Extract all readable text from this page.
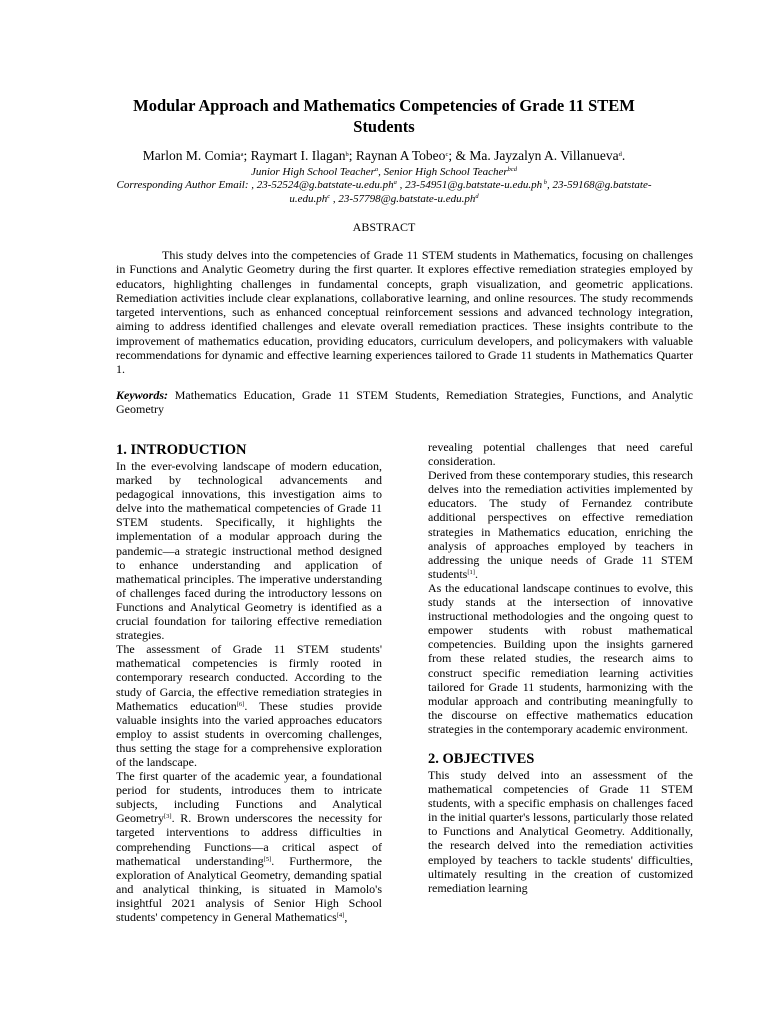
Modular Approach and Mathematics Competencies of Grade 11 STEM Students
Marlon M. Comia$^a$; Raymart I. Ilagan$^b$; Raynan A Tobeo$^c$; & Ma. Jayzalyn A. Villanueva$^d$.
Junior High School Teacher$^a$, Senior High School Teacher$^{bcd}$
Corresponding Author Email: , $23-52524@g.batstate-u.edu.ph^a$ , 23-54951@g.batstate-u.edu.ph $^b$, $23-59168@g.batstate-u.edu.ph^c$ , $23-57798@g.batstate-u.edu.ph^d$
ABSTRACT

This study delves into the competencies of Grade 11 STEM students in Mathematics, focusing on challenges in Functions and Analytic Geometry during the first quarter. It explores effective remediation strategies employed by educators, highlighting challenges in fundamental concepts, graph visualization, and geometric applications. Remediation activities include clear explanations, collaborative learning, and online resources. The study recommends targeted interventions, such as enhanced conceptual reinforcement sessions and advanced technology integration, aiming to address identified challenges and elevate overall remediation practices. These insights contribute to the improvement of mathematics education, providing educators, curriculum developers, and policymakers with valuable recommendations for dynamic and effective learning experiences tailored to Grade 11 students in Mathematics Quarter 1.

Keywords: Mathematics Education, Grade 11 STEM Students, Remediation Strategies, Functions, and Analytic Geometry

1. INTRODUCTION

In the ever-evolving landscape of modern education, marked by technological advancements and pedagogical innovations, this investigation aims to delve into the mathematical competencies of Grade 11 STEM students. Specifically, it highlights the implementation of a modular approach during the pandemic—a strategic instructional method designed to enhance understanding and application of mathematical principles. The imperative understanding of challenges faced during the introductory lessons on Functions and Analytical Geometry is identified as a crucial foundation for tailoring effective remediation strategies.

The assessment of Grade 11 STEM students' mathematical competencies is firmly rooted in contemporary research conducted. According to the study of Garcia, the effective remediation strategies in Mathematics education[6]. These studies provide valuable insights into the varied approaches educators employ to assist students in overcoming challenges, thus setting the stage for a comprehensive exploration of the landscape.

The first quarter of the academic year, a foundational period for students, introduces them to intricate subjects, including Functions and Analytical Geometry[3]. R. Brown underscores the necessity for targeted interventions to address difficulties in comprehending Functions—a critical aspect of mathematical understanding[5]. Furthermore, the exploration of Analytical Geometry, demanding spatial and analytical thinking, is situated in Mamolo's insightful 2021 analysis of Senior High School students' competency in General Mathematics[4],

revealing potential challenges that need careful consideration.

Derived from these contemporary studies, this research delves into the remediation activities implemented by educators. The study of Fernandez contribute additional perspectives on effective remediation strategies in Mathematics education, enriching the analysis of approaches employed by teachers in addressing the unique needs of Grade 11 STEM students[1].

As the educational landscape continues to evolve, this study stands at the intersection of innovative instructional methodologies and the ongoing quest to empower students with robust mathematical competencies. Building upon the insights garnered from these related studies, the research aims to construct specific remediation learning activities tailored for Grade 11 students, harmonizing with the modular approach and contributing meaningfully to the discourse on effective mathematics education strategies in the contemporary academic environment.

2. OBJECTIVES

This study delved into an assessment of the mathematical competencies of Grade 11 STEM students, with a specific emphasis on challenges faced in the initial quarter's lessons, particularly those related to Functions and Analytical Geometry. Additionally, the research delved into the remediation activities employed by teachers to tackle students' difficulties, ultimately resulting in the creation of customized remediation learning
